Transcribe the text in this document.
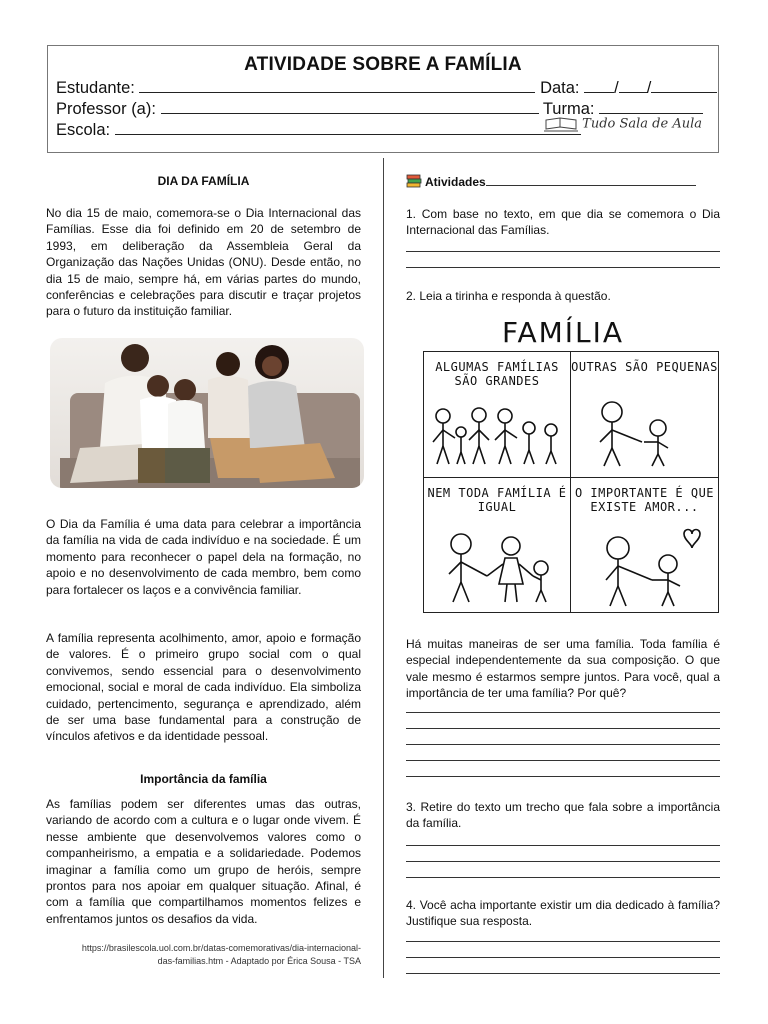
ATIVIDADE SOBRE A FAMÍLIA
Estudante:	Data: / /
Professor (a):	Turma:
Escola:	Tudo Sala de Aula
DIA DA FAMÍLIA
No dia 15 de maio, comemora-se o Dia Internacional das Famílias. Esse dia foi definido em 20 de setembro de 1993, em deliberação da Assembleia Geral da Organização das Nações Unidas (ONU). Desde então, no dia 15 de maio, sempre há, em várias partes do mundo, conferências e celebrações para discutir e traçar projetos para o futuro da instituição familiar.
O Dia da Família é uma data para celebrar a importância da família na vida de cada indivíduo e na sociedade. É um momento para reconhecer o papel dela na formação, no apoio e no desenvolvimento de cada membro, bem como para fortalecer os laços e a convivência familiar.
A família representa acolhimento, amor, apoio e formação de valores. É o primeiro grupo social com o qual convivemos, sendo essencial para o desenvolvimento emocional, social e moral de cada indivíduo. Ela simboliza cuidado, pertencimento, segurança e aprendizado, além de ser uma base fundamental para a construção de vínculos afetivos e da identidade pessoal.
Importância da família
As famílias podem ser diferentes umas das outras, variando de acordo com a cultura e o lugar onde vivem. É nesse ambiente que desenvolvemos valores como o companheirismo, a empatia e a solidariedade. Podemos imaginar a família como um grupo de heróis, sempre prontos para nos apoiar em qualquer situação. Afinal, é com a família que compartilhamos momentos felizes e enfrentamos juntos os desafios da vida.
https://brasilescola.uol.com.br/datas-comemorativas/dia-internacional-
das-familias.htm - Adaptado por Érica Sousa - TSA
Atividades
1. Com base no texto, em que dia se comemora o Dia Internacional das Famílias.
2. Leia a tirinha e responda à questão.
FAMÍLIA
ALGUMAS FAMÍLIAS SÃO GRANDES
OUTRAS SÃO PEQUENAS
NEM TODA FAMÍLIA É IGUAL
O IMPORTANTE É QUE EXISTE AMOR...
Há muitas maneiras de ser uma família. Toda família é especial independentemente da sua composição. O que vale mesmo é estarmos sempre juntos. Para você, qual a importância de ter uma família? Por quê?
3. Retire do texto um trecho que fala sobre a importância da família.
4. Você acha importante existir um dia dedicado à família? Justifique sua resposta.
